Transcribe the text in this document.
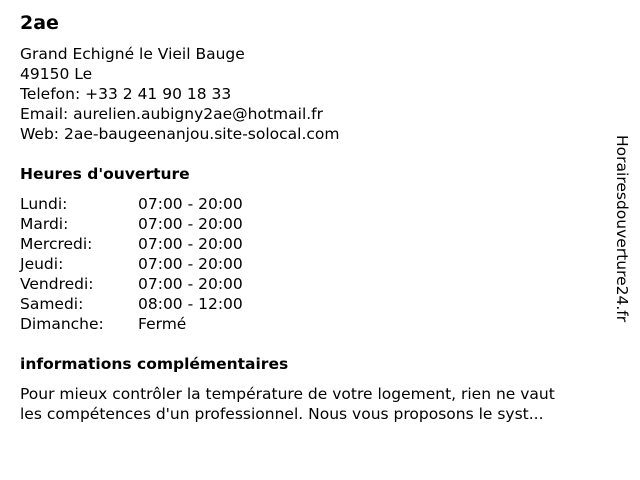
2ae
Grand Echigné le Vieil Bauge
49150 Le
Telefon:
+33 2 41 90 18 33
Email:
aurelien.aubigny2ae@hotmail.fr
Web:
2ae-baugeenanjou.site-solocal.com
Heures d'ouverture
Lundi:	07:00 - 20:00
Mardi:	07:00 - 20:00
Mercredi:	07:00 - 20:00
Jeudi:	07:00 - 20:00
Vendredi:	07:00 - 20:00
Samedi:	08:00 - 12:00
Dimanche:	Fermé
informations complémentaires
Pour mieux contrôler la température de votre logement, rien ne vaut
les compétences d'un professionnel. Nous vous proposons le syst...
Horairesdouverture24.fr
